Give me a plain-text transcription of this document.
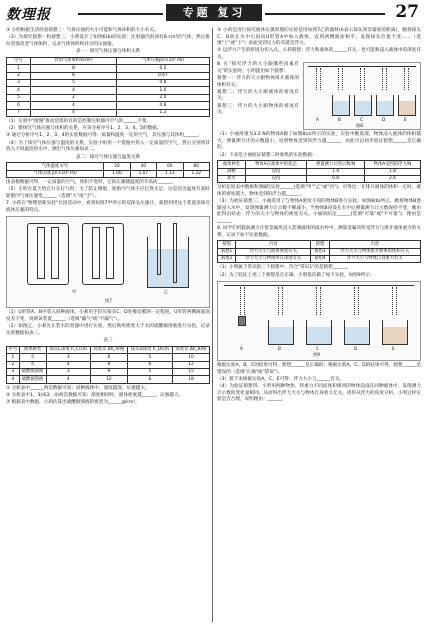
数理报	专题 复习	27

③ 小明根据生活经验猜想三：气体压强的大小可能和气体体积的大小有关。

（3）为探究猜想一和猜想三，小明设计了如图6(b)的实验：注射器内封闭有8 cm³的气体，然后推拉活塞改变气体体积，记录气体体积和对应的压强值。

表一：探究气体压强与体积关系
序号	封闭气体体积V/cm³	气体压强p/(×10⁵ Pa)
1	8	0.5
2	6	0.67
3	5	0.8
4	4	1.0
5	2	2.0
6	4	0.8
7	4	1.2

（1）实验中"缓慢"推动活塞的目的是控制注射器内空气的______不变。

（2）要探究气体压强与体积的关系，应该分析序号1、2、3、4、5的数据。

③ 通过分析序号1、2、3、4的实验数据可得：质量和温度一定的空气，其压强与其体积______。

（4）为了探究气体压强与温度的关系，实验小组用一个烧瓶中封入一定质量的空气，然后分别将其放入不同温度的水中，测出气体压强如表二。

表二：探究气体压强与温度关系
气体温度 t/℃	20	40	60	80
气体压强 p/(×10⁵ Pa)	1.00	1.07	1.13	1.22

由表格数据可得，一定质量的空气，体积不变时，它的压强随温度的升高而______。

（5）小明在夏天给自行车打气时，为了防止爆胎，轮胎内气体不应打得太足，这是因为温度升高时轮胎内气体压强变______（选填"大"或"小"）。

7. 小莉在"物理创新实验"社团活动中，看到如图7甲所示的双探头压强计，就想到用这个装置来探究液体压强的特点。

甲	乙
图7

（1）U形管A、B中装入同种液体，小莉用手轻压探头C、D处橡皮膜到一定程度，U形管两侧液面高度差不变，说明该装置______（选填"漏气"或"不漏气"）。

（2）如图乙，小莉先在装水的容器中进行实验，然后换用密度大于水的硫酸铜溶液进行实验，记录实验数据如表三。

表三
序号	液体种类	探头C深度 h_C/cm	高度差 Δh_A/格	探头D深度 h_D/cm	高度差 Δh_B/格
1	水	3	6	5	10
2	水	4	8	6	12
3	硫酸铜溶液	3	9	5	15
4	硫酸铜溶液	4	12	6	18

① 分析表中______两次数据可知：同种液体中，深度越深，压强越大。

② 分析表中1、3(或2、4)两次数据可知：深度相同时，液体密度越______，压强越大。

③ 根据表中数据，小莉估算出硫酸铜溶液的密度为______g/cm³。

③ 小莉还进行探究液体压强原理的实验是用如图7乙的器材(h表示探头到容器底的距离)，她将探头C、D放在水中后再向U形管A中加入液体，直到两侧液面相平，发现探头位置不变……（选填"上"或"下"）表面受到压力的差就是浮力。

② 以浮力产生的原因为切入点，小莉猜想：浮力和液体的______有关，也可能和浸入液体中的深度有关。

8. 在"探究浮力的大小跟哪些因素有关"的实验时，小明提出如下猜想：

猜想一：浮力的大小跟物体排开液体的体积有关；

猜想二：浮力的大小跟液体的密度有关；

猜想三：浮力的大小跟物体的密度有关。

A	B	C	D	E
图8

（1）小丽用重为3.2 N的物体A做了如图8(a)所示的实验，实验中她发现，物体浸入液体的体积越大，弹簧测力计的示数越小，说明物体受到的浮力越______，由此可以初步验证猜想______是正确的。

（2）下表是小丽验证猜想二时收集的实验数据：

液体种类	物体A在液体中的状态	弹簧测力计的示数/N	物体A受到的浮力/N
酒精	浸没	1.4	1.8
盐水	浸没	0.8	2.4

分析比较表中数据和图8的实验______(选填"甲""乙"或"丙")，可得出：在排开液体的体积一定时，液体的密度越大，物体受到的浮力越______。

（3）为验证猜想三，小丽选用了与物体A密度不同的物体B进行实验，如图8(b)所示，她将物体B逐渐浸入水中，发现弹簧测力计示数不断减小，当物体B浸没在水中后弹簧测力计示数保持不变，她由此得出结论：浮力的大小与物体的密度无关。小丽的结论______(选填"可靠"或"不可靠")，理由是______。

9. 同学们用旋涡测力计将金属块浸入装满液体的溢水杯中，测量金属块所受浮力与排开液体重力的关系，记录下如下实验数据。

猜想	内容	猜想	内容
猜想1	浮力大小与液体密度有关	猜想3	浮力大小与物体排开液体的体积有关
猜想2	浮力大小与物体所在深度有关	猜想4	浮力大小与物体自身重力有关

（1）小明属于常识的三个猜想中，符合"常识1"的是猜想______。

（2）为了验证上述三个猜想是否正确，小明依次做了如下实验，如图9所示：

A	B	C	D	E
图9

根据实验A、B、C的结果可得，猜想______是正确的；根据实验A、C、D的结果可得，猜想______是错误的（选填"正确"或"错误"）。

（3）接下来根据实验A、C、E可得：浮力大小与______有关。

（4）为验证猜想四，小明用两种物体，将重力不同而体积相同的物体浸没在同种液体中，发现测力计示数的变化量相同，从而得出浮力大小与物体自身重力无关。请你从浮力的角度分析，小明这样实验是否合理，说明理由：______。
